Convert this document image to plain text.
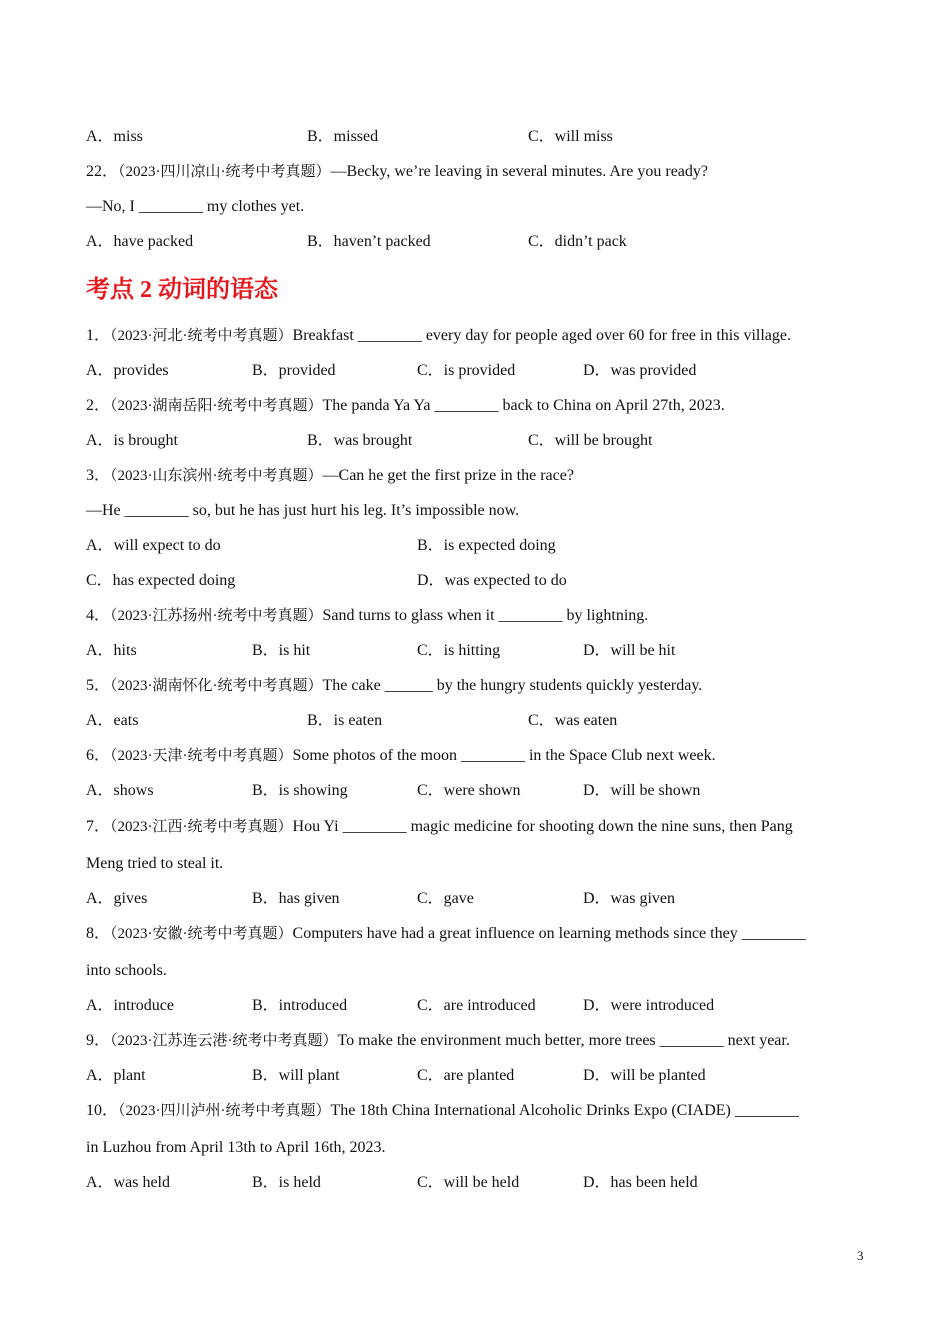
A．miss	B．missed	C．will miss
22．（2023·四川凉山·统考中考真题）—Becky, we’re leaving in several minutes. Are you ready?
—No, I ________ my clothes yet.
A．have packed	B．haven’t packed	C．didn’t pack
考点 2 动词的语态
1．（2023·河北·统考中考真题）Breakfast ________ every day for people aged over 60 for free in this village.
A．provides	B．provided	C．is provided	D．was provided
2．（2023·湖南岳阳·统考中考真题）The panda Ya Ya ________ back to China on April 27th, 2023.
A．is brought	B．was brought	C．will be brought
3．（2023·山东滨州·统考中考真题）—Can he get the first prize in the race?
—He ________ so, but he has just hurt his leg. It’s impossible now.
A．will expect to do	B．is expected doing
C．has expected doing	D．was expected to do
4．（2023·江苏扬州·统考中考真题）Sand turns to glass when it ________ by lightning.
A．hits	B．is hit	C．is hitting	D．will be hit
5．（2023·湖南怀化·统考中考真题）The cake ______ by the hungry students quickly yesterday.
A．eats	B．is eaten	C．was eaten
6．（2023·天津·统考中考真题）Some photos of the moon ________ in the Space Club next week.
A．shows	B．is showing	C．were shown	D．will be shown
7．（2023·江西·统考中考真题）Hou Yi ________ magic medicine for shooting down the nine suns, then Pang
Meng tried to steal it.
A．gives	B．has given	C．gave	D．was given
8．（2023·安徽·统考中考真题）Computers have had a great influence on learning methods since they ________
into schools.
A．introduce	B．introduced	C．are introduced	D．were introduced
9．（2023·江苏连云港·统考中考真题）To make the environment much better, more trees ________ next year.
A．plant	B．will plant	C．are planted	D．will be planted
10．（2023·四川泸州·统考中考真题）The 18th China International Alcoholic Drinks Expo (CIADE) ________
in Luzhou from April 13th to April 16th, 2023.
A．was held	B．is held	C．will be held	D．has been held
3
